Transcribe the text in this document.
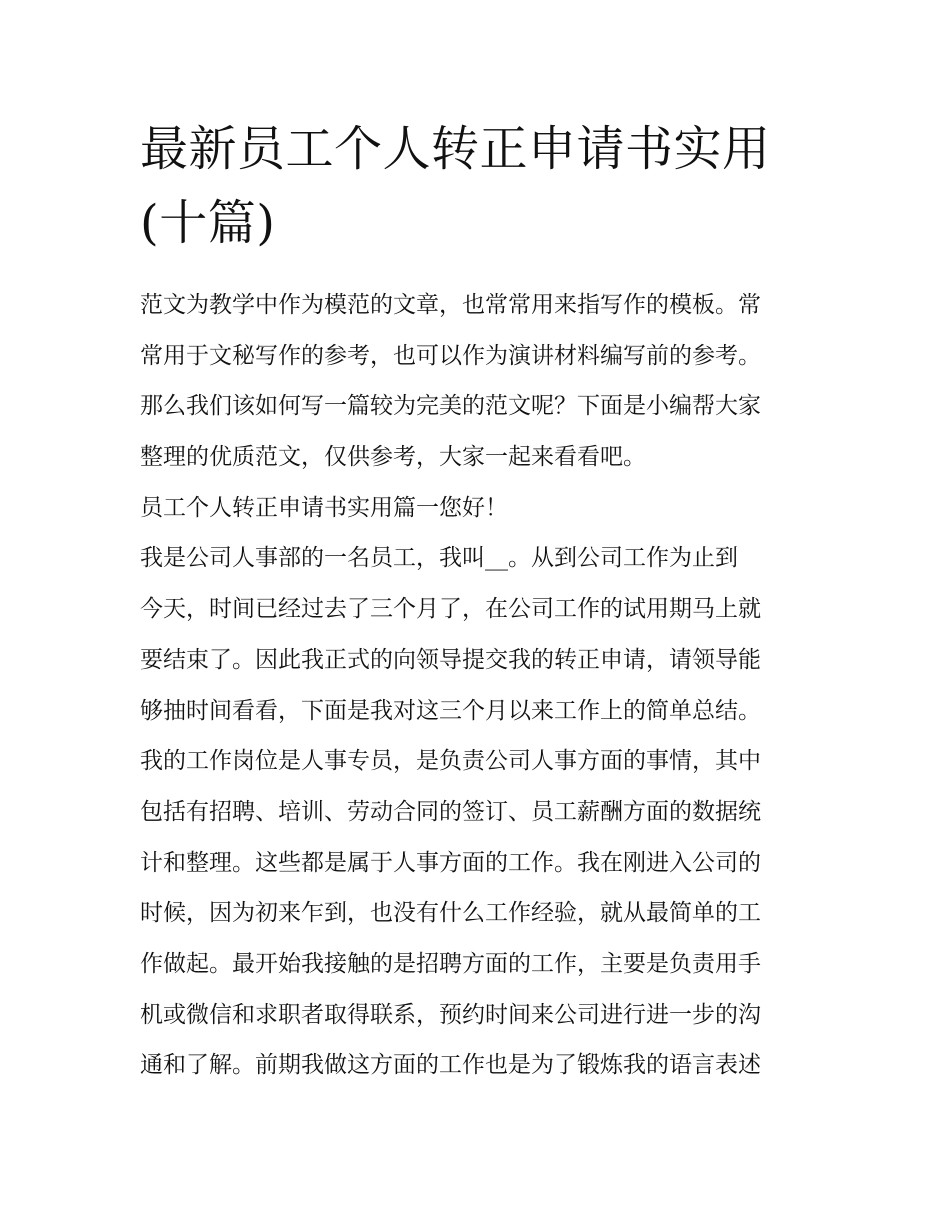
最新员工个人转正申请书实用
(十篇)
范文为教学中作为模范的文章，也常常用来指写作的模板。常
常用于文秘写作的参考，也可以作为演讲材料编写前的参考。
那么我们该如何写一篇较为完美的范文呢？下面是小编帮大家
整理的优质范文，仅供参考，大家一起来看看吧。
员工个人转正申请书实用篇一您好！
我是公司人事部的一名员工，我叫__。从到公司工作为止到
今天，时间已经过去了三个月了，在公司工作的试用期马上就
要结束了。因此我正式的向领导提交我的转正申请，请领导能
够抽时间看看，下面是我对这三个月以来工作上的简单总结。
我的工作岗位是人事专员，是负责公司人事方面的事情，其中
包括有招聘、培训、劳动合同的签订、员工薪酬方面的数据统
计和整理。这些都是属于人事方面的工作。我在刚进入公司的
时候，因为初来乍到，也没有什么工作经验，就从最简单的工
作做起。最开始我接触的是招聘方面的工作，主要是负责用手
机或微信和求职者取得联系，预约时间来公司进行进一步的沟
通和了解。前期我做这方面的工作也是为了锻炼我的语言表述
